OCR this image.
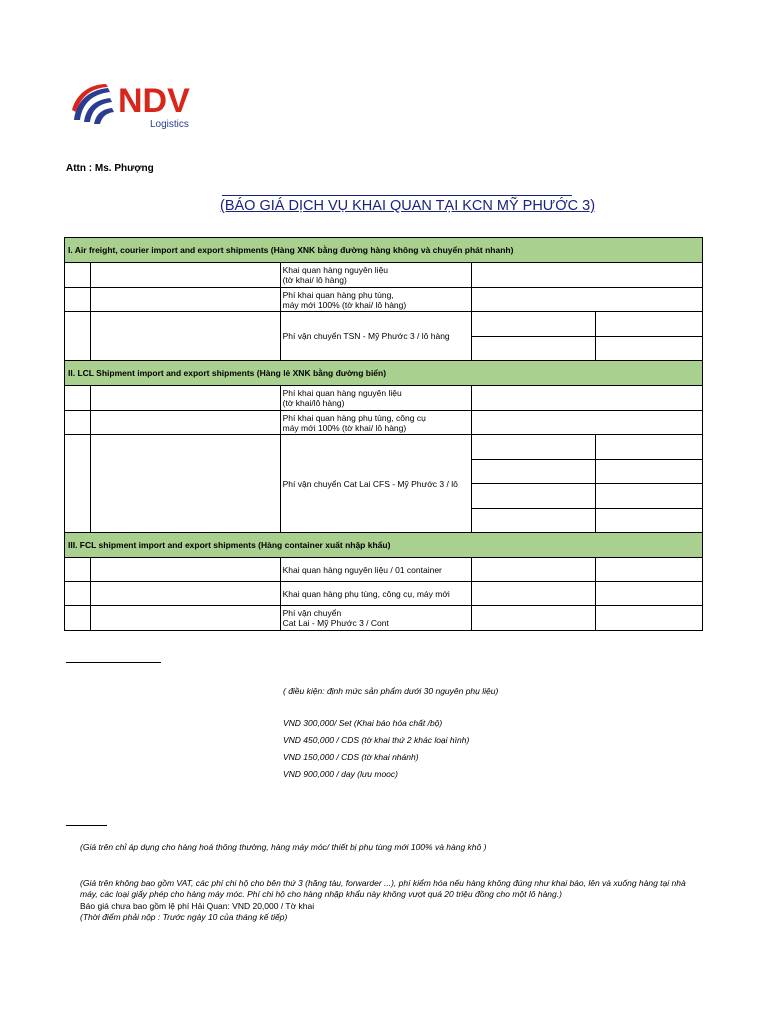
NDV
Logistics
Attn : Ms. Phượng
(BÁO GIÁ DỊCH VỤ KHAI QUAN TẠI KCN MỸ PHƯỚC 3)
I. Air freight, courier import and export shipments (Hàng XNK bằng đường hàng không và chuyển phát nhanh)				
		Khai quan hàng nguyên liệu
(tờ khai/ lô hàng)		
		Phí khai quan hàng phụ tùng,
máy mới 100% (tờ khai/ lô hàng)		
		Phí vận chuyển TSN - Mỹ Phước 3 / lô hàng		

II. LCL Shipment import and export shipments (Hàng lẻ XNK bằng đường biển)				
		Phí khai quan hàng nguyên liệu
(tờ khai/lô hàng)		
		Phí khai quan hàng phụ tùng, công cụ
máy mới 100% (tờ khai/ lô hàng)		
		Phí vận chuyển Cat Lai CFS - Mỹ Phước 3 / lô		

III. FCL shipment import and export shipments (Hàng container xuất nhập khẩu)				
		Khai quan hàng nguyên liệu / 01 container		
		Khai quan hàng phụ tùng, công cụ, máy mới		
		Phí vận chuyển
Cat Lai - Mỹ Phước 3 / Cont		
( điều kiện: định mức sản phẩm dưới 30 nguyên phụ liệu)
VND 300,000/ Set (Khai báo hóa chất /bộ)
VND 450,000 / CDS (tờ khai thứ 2 khác loại hình)
VND 150,000 / CDS (tờ khai nhánh)
VND 900,000 / day (lưu mooc)
(Giá trên chỉ áp dụng cho hàng hoá thông thường, hàng máy móc/ thiết bị phụ tùng mới 100% và hàng khô )
(Giá trên không bao gồm VAT, các phí chi hộ cho bên thứ 3 (hãng tàu, forwarder ...), phí kiểm hóa nếu hàng không đúng như khai báo, lên và xuống hàng tại nhà
máy, các loại giấy phép cho hàng máy móc. Phí chi hộ cho hàng nhập khẩu này không vượt quá 20 triệu đồng cho một lô hàng.)
Báo giá chưa bao gồm lệ phí Hải Quan: VND 20,000 / Tờ khai
(Thời điểm phải nộp : Trước ngày 10 của tháng kế tiếp)
